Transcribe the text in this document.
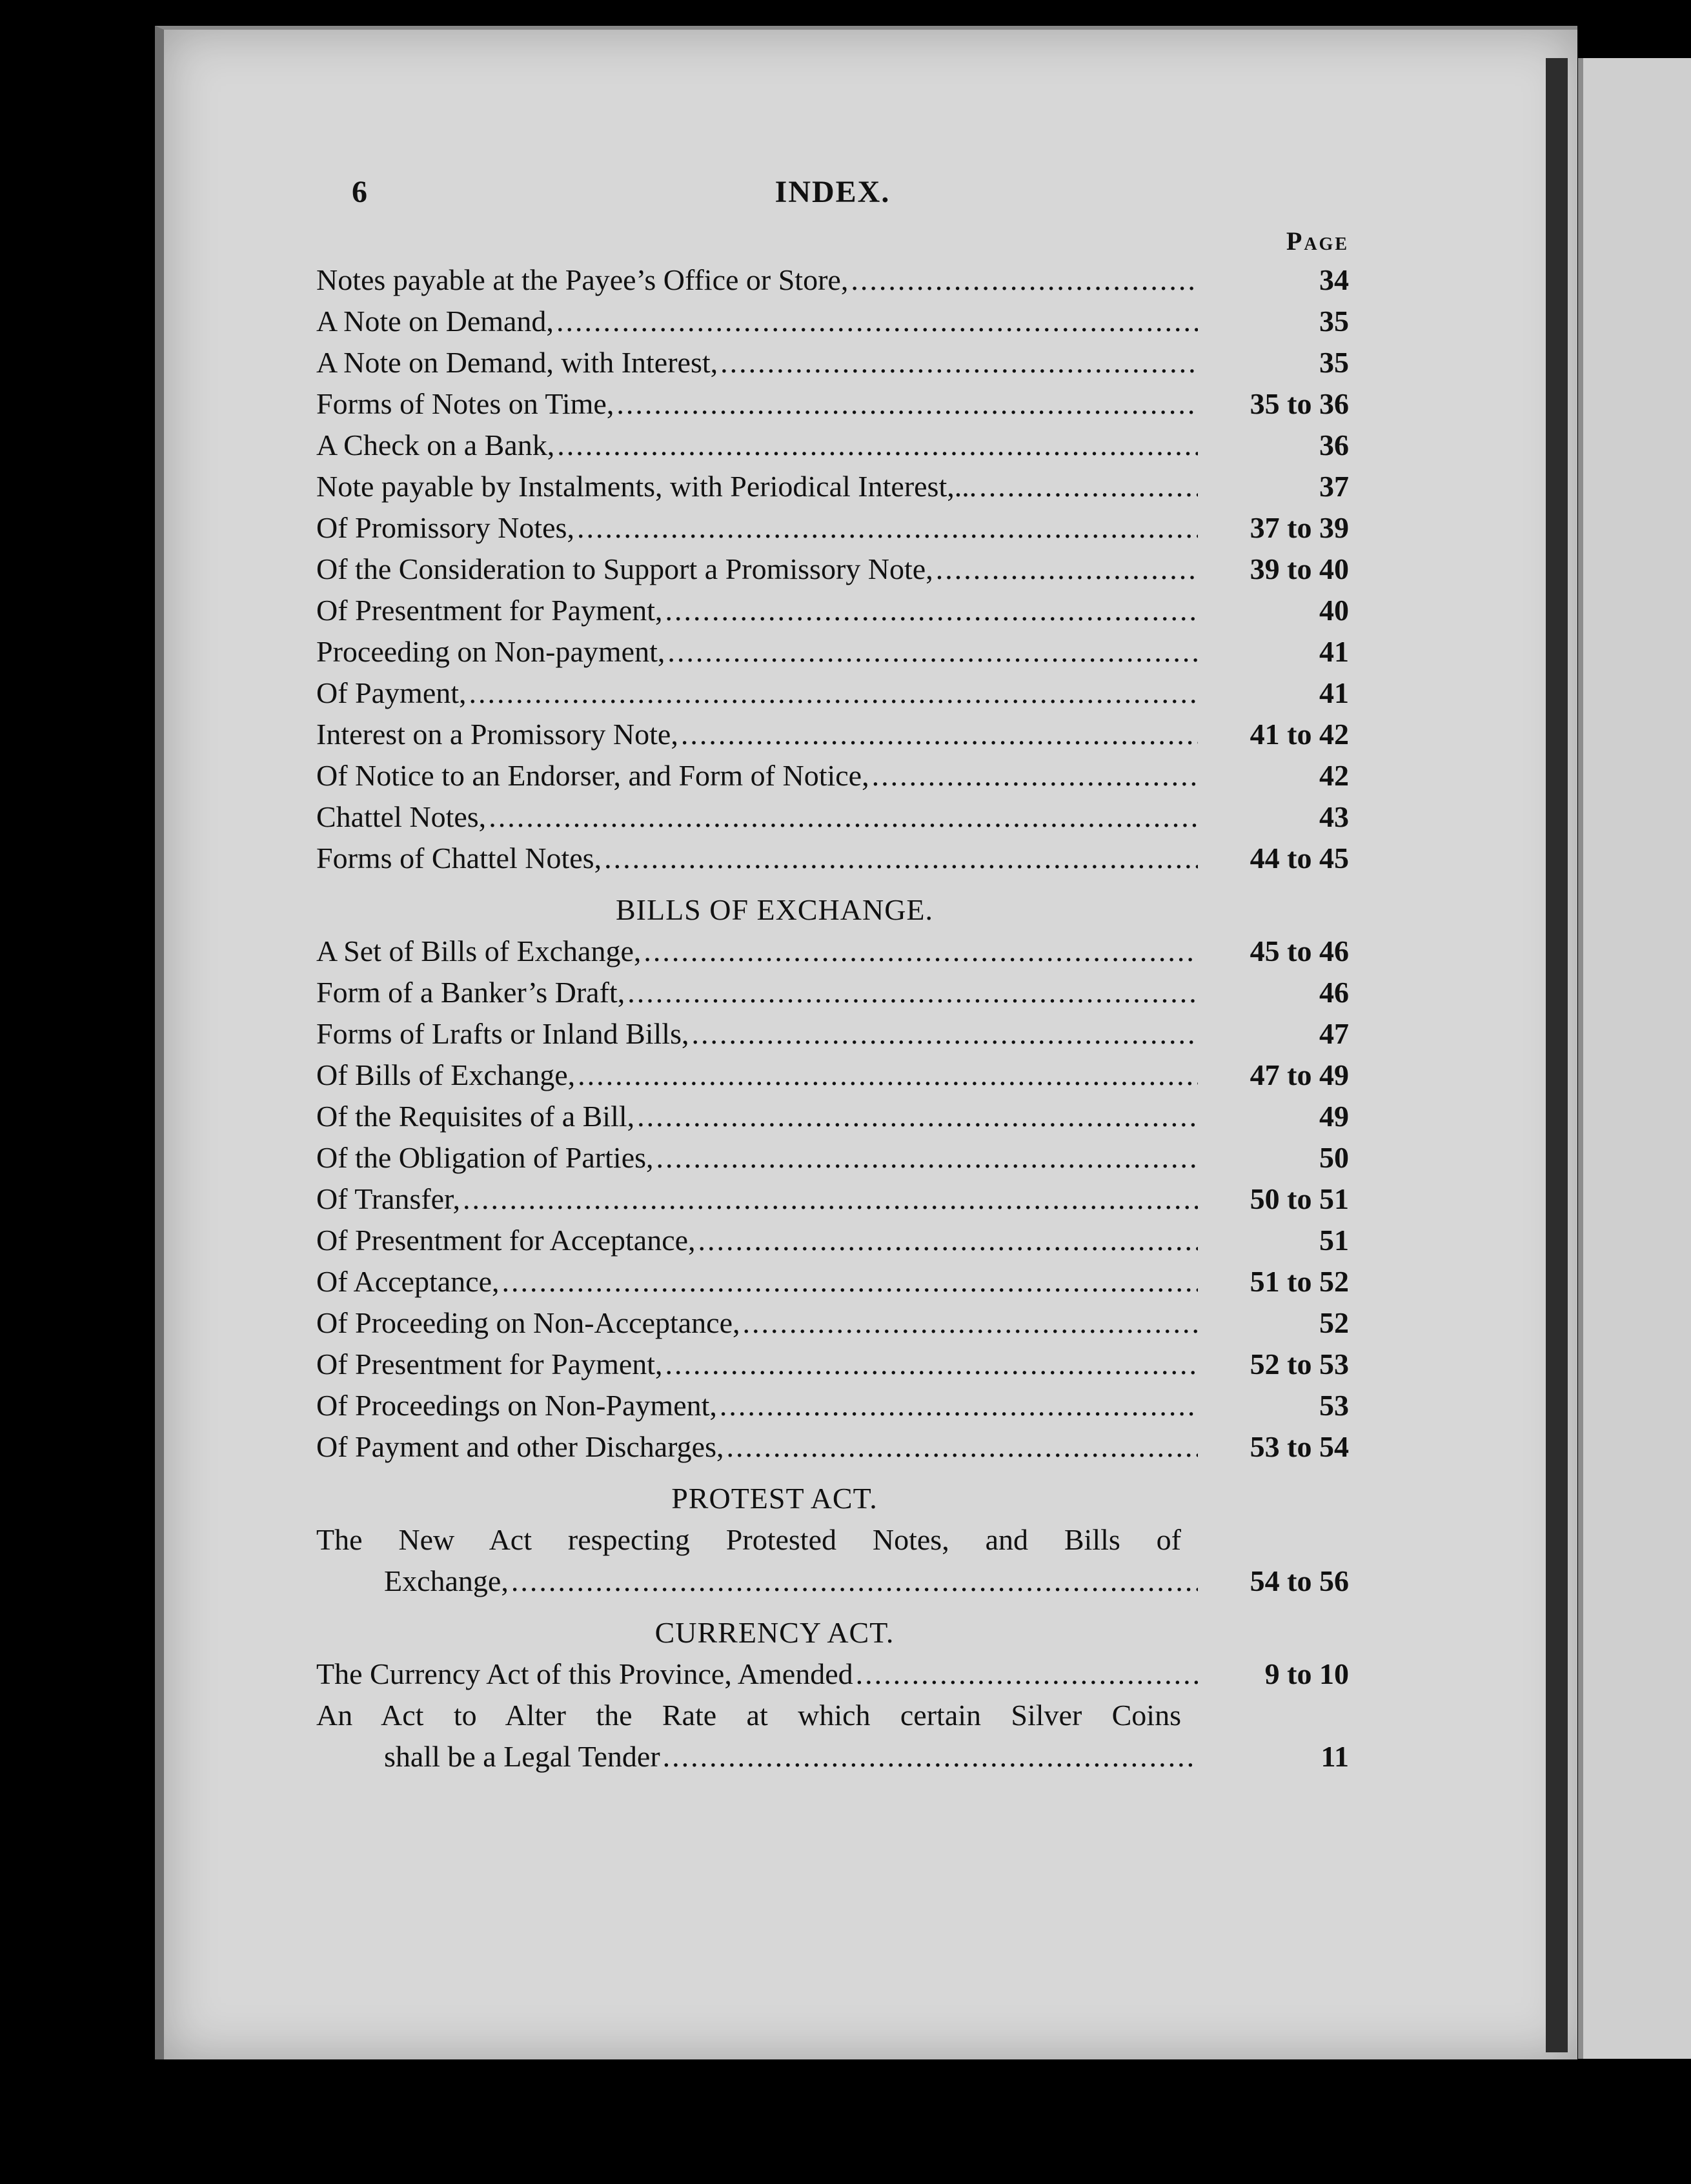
6	INDEX.
Page
Notes payable at the Payee’s Office or Store, .....	34
A Note on Demand, .....	35
A Note on Demand, with Interest, .....	35
Forms of Notes on Time, .....	35 to 36
A Check on a Bank, .....	36
Note payable by Instalments, with Periodical Interest,... .....	37
Of Promissory Notes, .....	37 to 39
Of the Consideration to Support a Promissory Note, .....	39 to 40
Of Presentment for Payment, .....	40
Proceeding on Non-payment, .....	41
Of Payment, .....	41
Interest on a Promissory Note, .....	41 to 42
Of Notice to an Endorser, and Form of Notice, .....	42
Chattel Notes, .....	43
Forms of Chattel Notes, .....	44 to 45
BILLS OF EXCHANGE.
A Set of Bills of Exchange, .....	45 to 46
Form of a Banker’s Draft, .....	46
Forms of Lrafts or Inland Bills, .....	47
Of Bills of Exchange, .....	47 to 49
Of the Requisites of a Bill, .....	49
Of the Obligation of Parties, .....	50
Of Transfer, .....	50 to 51
Of Presentment for Acceptance, .....	51
Of Acceptance, .....	51 to 52
Of Proceeding on Non-Acceptance, .....	52
Of Presentment for Payment, .....	52 to 53
Of Proceedings on Non-Payment, .....	53
Of Payment and other Discharges, .....	53 to 54
PROTEST ACT.
The New Act respecting Protested Notes, and Bills of
Exchange, .....	54 to 56
CURRENCY ACT.
The Currency Act of this Province, Amended .....	9 to 10
An Act to Alter the Rate at which certain Silver Coins
shall be a Legal Tender .....	11
